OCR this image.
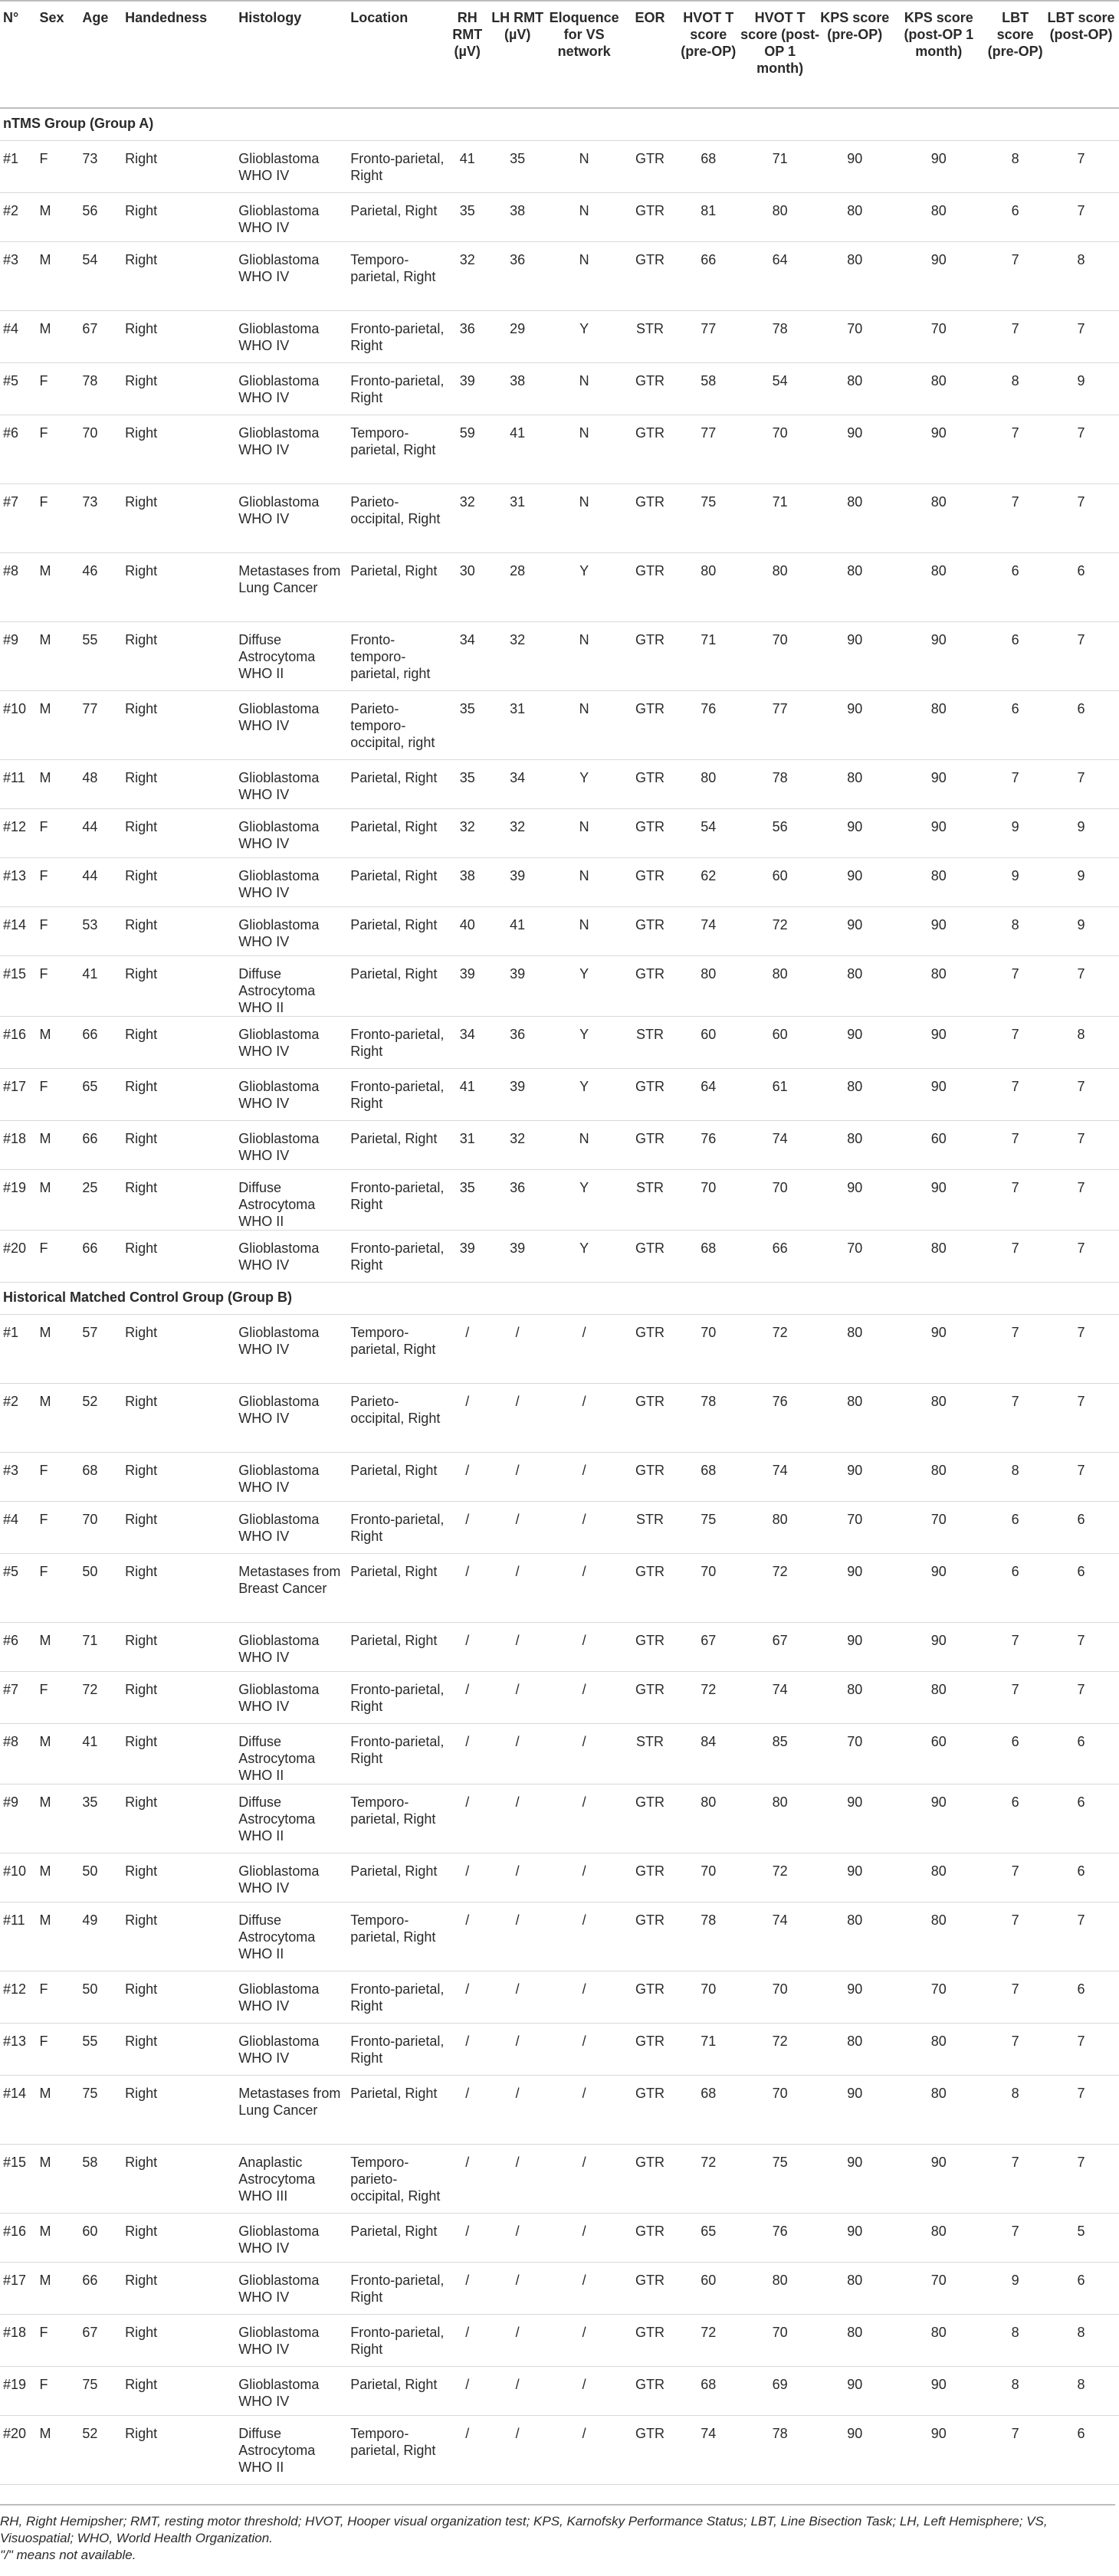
N°	Sex	Age	Handedness	Histology	Location	RH RMT (µV)	LH RMT (µV)	Eloquence for VS network	EOR	HVOT T score (pre-OP)	HVOT T score (post-OP 1 month)	KPS score (pre-OP)	KPS score (post-OP 1 month)	LBT score (pre-OP)	LBT score (post-OP)
nTMS Group (Group A)															
#1	F	73	Right	Glioblastoma WHO IV	Fronto-parietal, Right	41	35	N	GTR	68	71	90	90	8	7
#2	M	56	Right	Glioblastoma WHO IV	Parietal, Right	35	38	N	GTR	81	80	80	80	6	7
#3	M	54	Right	Glioblastoma WHO IV	Temporo-parietal, Right	32	36	N	GTR	66	64	80	90	7	8
#4	M	67	Right	Glioblastoma WHO IV	Fronto-parietal, Right	36	29	Y	STR	77	78	70	70	7	7
#5	F	78	Right	Glioblastoma WHO IV	Fronto-parietal, Right	39	38	N	GTR	58	54	80	80	8	9
#6	F	70	Right	Glioblastoma WHO IV	Temporo-parietal, Right	59	41	N	GTR	77	70	90	90	7	7
#7	F	73	Right	Glioblastoma WHO IV	Parieto-occipital, Right	32	31	N	GTR	75	71	80	80	7	7
#8	M	46	Right	Metastases from Lung Cancer	Parietal, Right	30	28	Y	GTR	80	80	80	80	6	6
#9	M	55	Right	Diffuse Astrocytoma WHO II	Fronto-temporo-parietal, right	34	32	N	GTR	71	70	90	90	6	7
#10	M	77	Right	Glioblastoma WHO IV	Parieto-temporo-occipital, right	35	31	N	GTR	76	77	90	80	6	6
#11	M	48	Right	Glioblastoma WHO IV	Parietal, Right	35	34	Y	GTR	80	78	80	90	7	7
#12	F	44	Right	Glioblastoma WHO IV	Parietal, Right	32	32	N	GTR	54	56	90	90	9	9
#13	F	44	Right	Glioblastoma WHO IV	Parietal, Right	38	39	N	GTR	62	60	90	80	9	9
#14	F	53	Right	Glioblastoma WHO IV	Parietal, Right	40	41	N	GTR	74	72	90	90	8	9
#15	F	41	Right	Diffuse Astrocytoma WHO II	Parietal, Right	39	39	Y	GTR	80	80	80	80	7	7
#16	M	66	Right	Glioblastoma WHO IV	Fronto-parietal, Right	34	36	Y	STR	60	60	90	90	7	8
#17	F	65	Right	Glioblastoma WHO IV	Fronto-parietal, Right	41	39	Y	GTR	64	61	80	90	7	7
#18	M	66	Right	Glioblastoma WHO IV	Parietal, Right	31	32	N	GTR	76	74	80	60	7	7
#19	M	25	Right	Diffuse Astrocytoma WHO II	Fronto-parietal, Right	35	36	Y	STR	70	70	90	90	7	7
#20	F	66	Right	Glioblastoma WHO IV	Fronto-parietal, Right	39	39	Y	GTR	68	66	70	80	7	7
Historical Matched Control Group (Group B)															
#1	M	57	Right	Glioblastoma WHO IV	Temporo-parietal, Right	/	/	/	GTR	70	72	80	90	7	7
#2	M	52	Right	Glioblastoma WHO IV	Parieto-occipital, Right	/	/	/	GTR	78	76	80	80	7	7
#3	F	68	Right	Glioblastoma WHO IV	Parietal, Right	/	/	/	GTR	68	74	90	80	8	7
#4	F	70	Right	Glioblastoma WHO IV	Fronto-parietal, Right	/	/	/	STR	75	80	70	70	6	6
#5	F	50	Right	Metastases from Breast Cancer	Parietal, Right	/	/	/	GTR	70	72	90	90	6	6
#6	M	71	Right	Glioblastoma WHO IV	Parietal, Right	/	/	/	GTR	67	67	90	90	7	7
#7	F	72	Right	Glioblastoma WHO IV	Fronto-parietal, Right	/	/	/	GTR	72	74	80	80	7	7
#8	M	41	Right	Diffuse Astrocytoma WHO II	Fronto-parietal, Right	/	/	/	STR	84	85	70	60	6	6
#9	M	35	Right	Diffuse Astrocytoma WHO II	Temporo-parietal, Right	/	/	/	GTR	80	80	90	90	6	6
#10	M	50	Right	Glioblastoma WHO IV	Parietal, Right	/	/	/	GTR	70	72	90	80	7	6
#11	M	49	Right	Diffuse Astrocytoma WHO II	Temporo-parietal, Right	/	/	/	GTR	78	74	80	80	7	7
#12	F	50	Right	Glioblastoma WHO IV	Fronto-parietal, Right	/	/	/	GTR	70	70	90	70	7	6
#13	F	55	Right	Glioblastoma WHO IV	Fronto-parietal, Right	/	/	/	GTR	71	72	80	80	7	7
#14	M	75	Right	Metastases from Lung Cancer	Parietal, Right	/	/	/	GTR	68	70	90	80	8	7
#15	M	58	Right	Anaplastic Astrocytoma WHO III	Temporo-parieto-occipital, Right	/	/	/	GTR	72	75	90	90	7	7
#16	M	60	Right	Glioblastoma WHO IV	Parietal, Right	/	/	/	GTR	65	76	90	80	7	5
#17	M	66	Right	Glioblastoma WHO IV	Fronto-parietal, Right	/	/	/	GTR	60	80	80	70	9	6
#18	F	67	Right	Glioblastoma WHO IV	Fronto-parietal, Right	/	/	/	GTR	72	70	80	80	8	8
#19	F	75	Right	Glioblastoma WHO IV	Parietal, Right	/	/	/	GTR	68	69	90	90	8	8
#20	M	52	Right	Diffuse Astrocytoma WHO II	Temporo-parietal, Right	/	/	/	GTR	74	78	90	90	7	6
RH, Right Hemipsher; RMT, resting motor threshold; HVOT, Hooper visual organization test; KPS, Karnofsky Performance Status; LBT, Line Bisection Task; LH, Left Hemisphere; VS, Visuospatial; WHO, World Health Organization.
"/" means not available.
